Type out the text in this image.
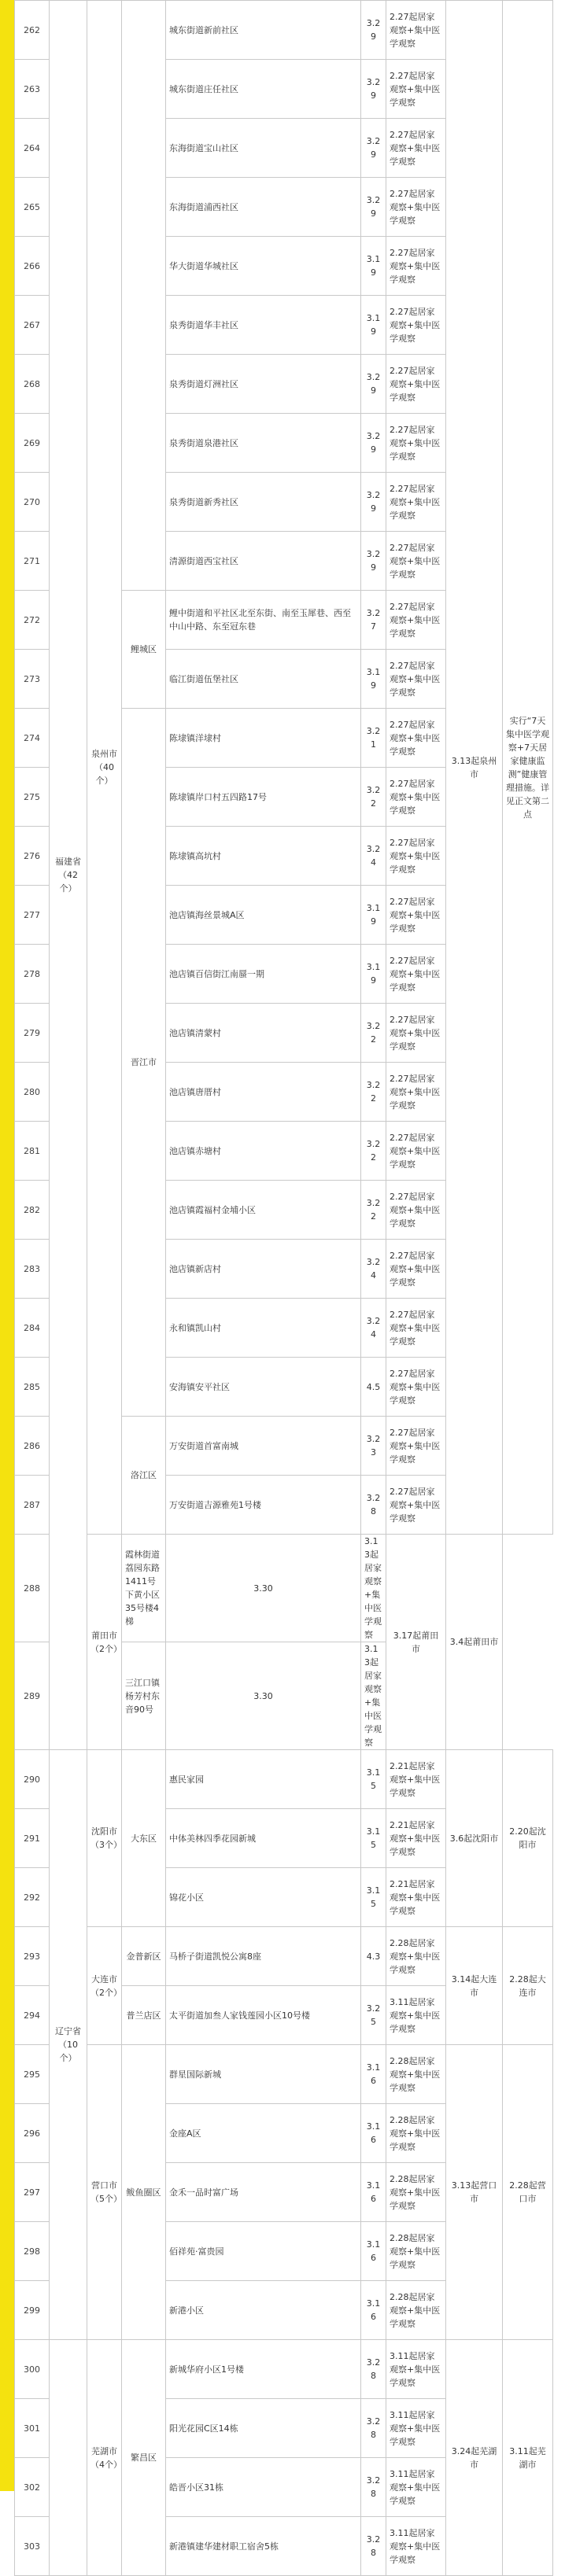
262	福建省（42个）	泉州市（40个）		城东街道新前社区	3.29	2.27起居家观察+集中医学观察	3.13起泉州市	实行“7天集中医学观察+7天居家健康监测”健康管理措施。详见正文第二点
263				城东街道庄任社区	3.29	2.27起居家观察+集中医学观察		
264				东海街道宝山社区	3.29	2.27起居家观察+集中医学观察		
265				东海街道浦西社区	3.29	2.27起居家观察+集中医学观察		
266				华大街道华城社区	3.19	2.27起居家观察+集中医学观察		
267				泉秀街道华丰社区	3.19	2.27起居家观察+集中医学观察		
268				泉秀街道灯洲社区	3.29	2.27起居家观察+集中医学观察		
269				泉秀街道泉港社区	3.29	2.27起居家观察+集中医学观察		
270				泉秀街道新秀社区	3.29	2.27起居家观察+集中医学观察		
271				清源街道西宝社区	3.29	2.27起居家观察+集中医学观察		
272			鲤城区	鲤中街道和平社区北至东街、南至玉犀巷、西至中山中路、东至冠东巷	3.27	2.27起居家观察+集中医学观察		
273				临江街道伍堡社区	3.19	2.27起居家观察+集中医学观察		
274			晋江市	陈埭镇洋埭村	3.21	2.27起居家观察+集中医学观察		
275				陈埭镇岸口村五四路17号	3.22	2.27起居家观察+集中医学观察		
276				陈埭镇高坑村	3.24	2.27起居家观察+集中医学观察		
277				池店镇海丝景城A区	3.19	2.27起居家观察+集中医学观察		
278				池店镇百信街江南蜃一期	3.19	2.27起居家观察+集中医学观察		
279				池店镇清蒙村	3.22	2.27起居家观察+集中医学观察		
280				池店镇唐厝村	3.22	2.27起居家观察+集中医学观察		
281				池店镇赤塘村	3.22	2.27起居家观察+集中医学观察		
282				池店镇霞福村金埔小区	3.22	2.27起居家观察+集中医学观察		
283				池店镇新店村	3.24	2.27起居家观察+集中医学观察		
284				永和镇凯山村	3.24	2.27起居家观察+集中医学观察		
285				安海镇安平社区	4.5	2.27起居家观察+集中医学观察		
286			洛江区	万安街道首富南城	3.23	2.27起居家观察+集中医学观察		
287				万安街道吉源雅苑1号楼	3.28	2.27起居家观察+集中医学观察		
288		莆田市（2个）	霞林街道荔园东路1411号下黄小区35号楼4梯	3.30	3.13起居家观察+集中医学观察	3.17起莆田市	3.4起莆田市	
289			三江口镇杨芳村东音90号	3.30	3.13起居家观察+集中医学观察			
290	辽宁省（10个）	沈阳市（3个）	大东区	惠民家园	3.15	2.21起居家观察+集中医学观察	3.6起沈阳市	2.20起沈阳市
291				中体美林四季花园新城	3.15	2.21起居家观察+集中医学观察		
292				锦花小区	3.15	2.21起居家观察+集中医学观察		
293		大连市（2个）	金普新区	马桥子街道凯悦公寓8座	4.3	2.28起居家观察+集中医学观察	3.14起大连市	2.28起大连市
294			普兰店区	太平街道加叁人家钱莲园小区10号楼	3.25	3.11起居家观察+集中医学观察		
295		营口市（5个）	鲅鱼圈区	群星国际新城	3.16	2.28起居家观察+集中医学观察	3.13起营口市	2.28起营口市
296				金座A区	3.16	2.28起居家观察+集中医学观察		
297				金禾一品时富广场	3.16	2.28起居家观察+集中医学观察		
298				佰祥苑·富贵园	3.16	2.28起居家观察+集中医学观察		
299				新港小区	3.16	2.28起居家观察+集中医学观察		
300		芜湖市（4个）	繁昌区	新城华府小区1号楼	3.28	3.11起居家观察+集中医学观察	3.24起芜湖市	3.11起芜湖市
301				阳光花园C区14栋	3.28	3.11起居家观察+集中医学观察		
302				皓晋小区31栋	3.28	3.11起居家观察+集中医学观察		
303				新港镇建华建材职工宿舍5栋	3.28	3.11起居家观察+集中医学观察		
